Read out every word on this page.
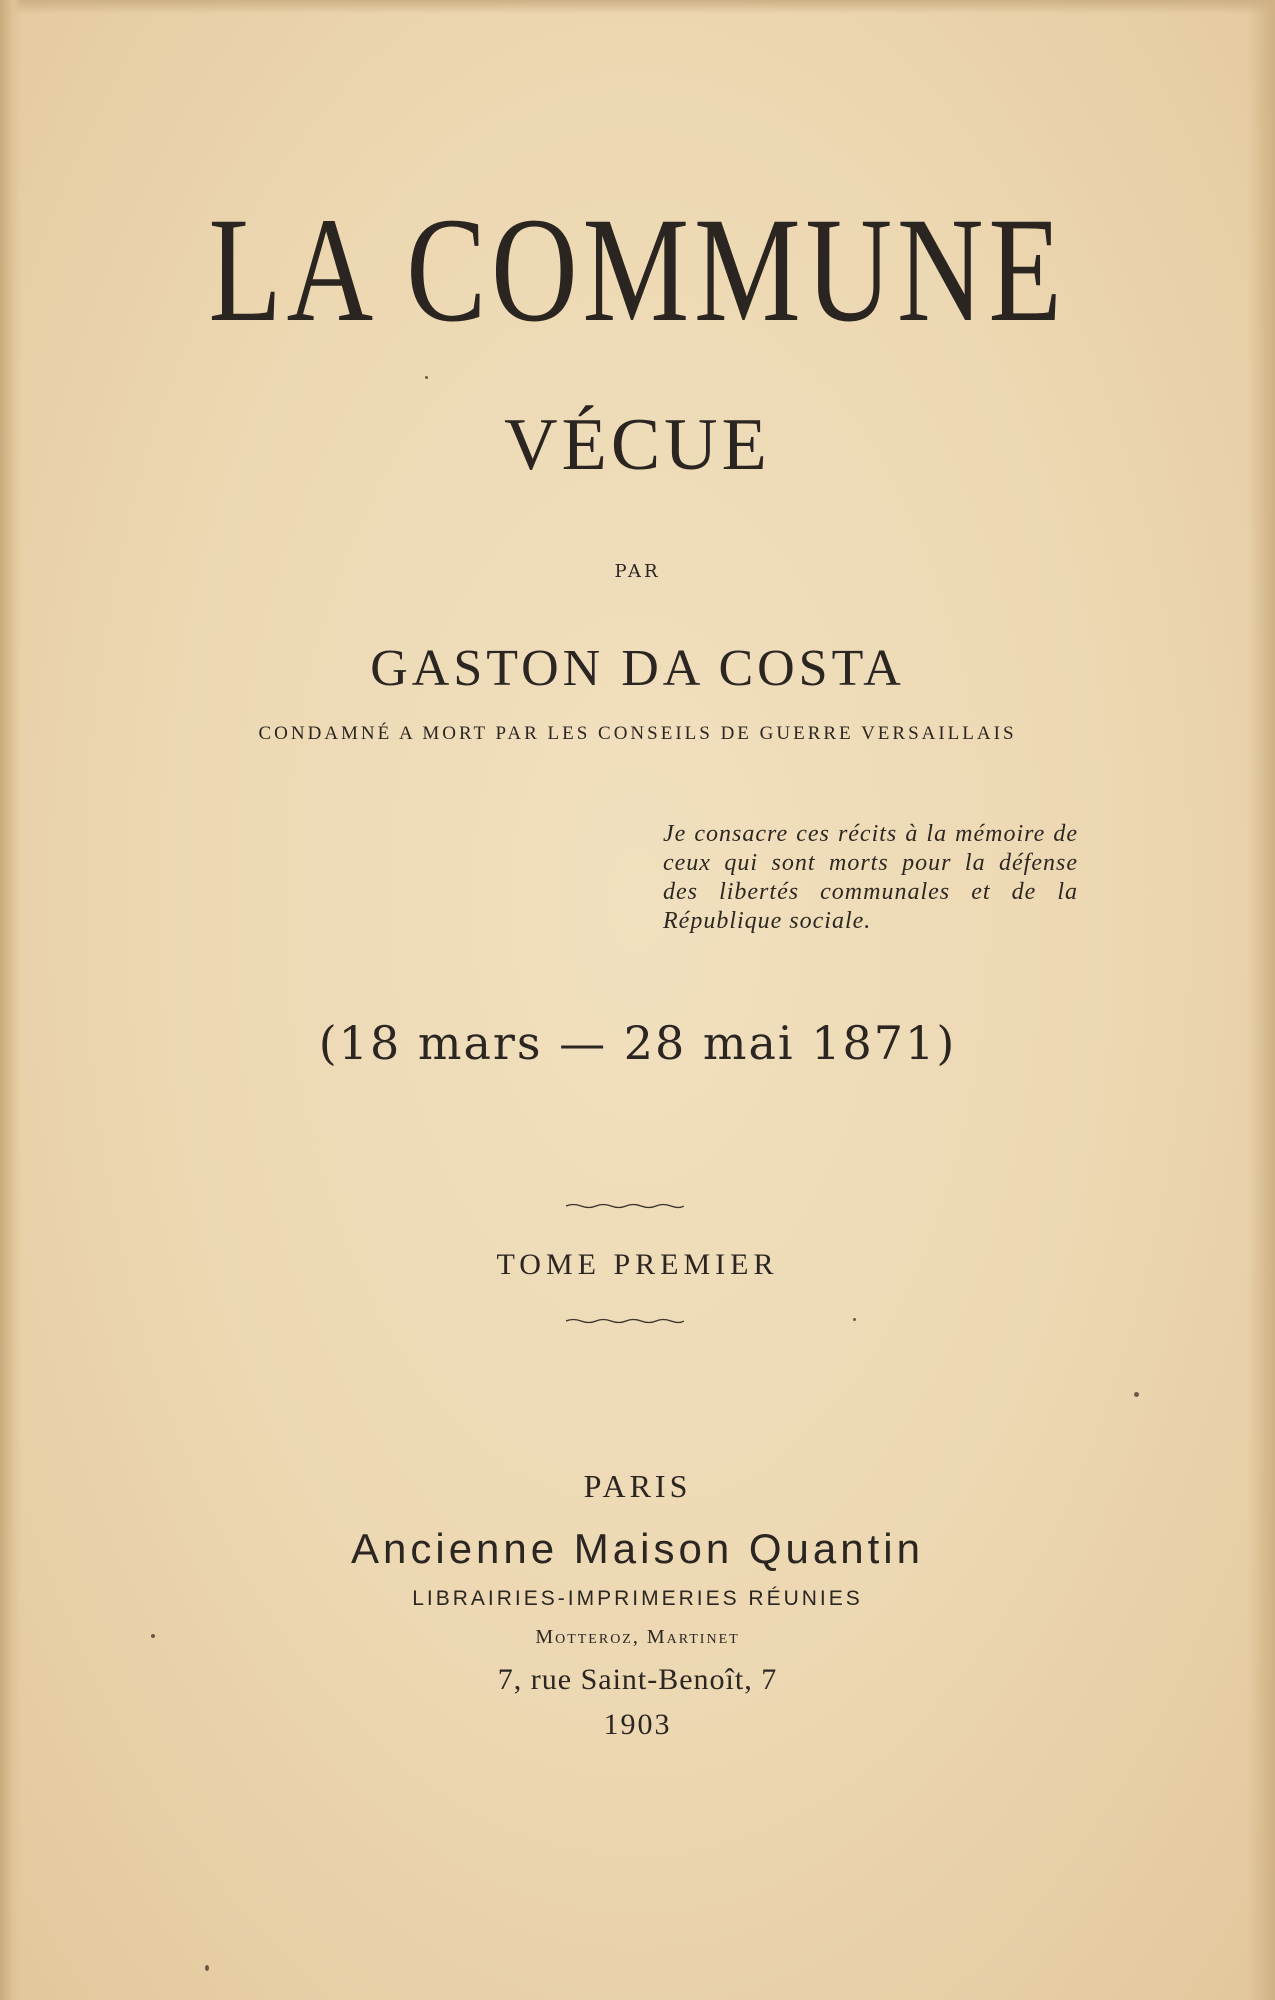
LA COMMUNE
VÉCUE
PAR
GASTON DA COSTA
CONDAMNÉ A MORT PAR LES CONSEILS DE GUERRE VERSAILLAIS
Je consacre ces récits à la mémoire de ceux qui sont morts pour la défense des libertés communales et de la République sociale.
(18 mars — 28 mai 1871)
TOME PREMIER
PARIS
Ancienne Maison Quantin
LIBRAIRIES-IMPRIMERIES RÉUNIES
Motteroz, Martinet
7, rue Saint-Benoît, 7
1903
